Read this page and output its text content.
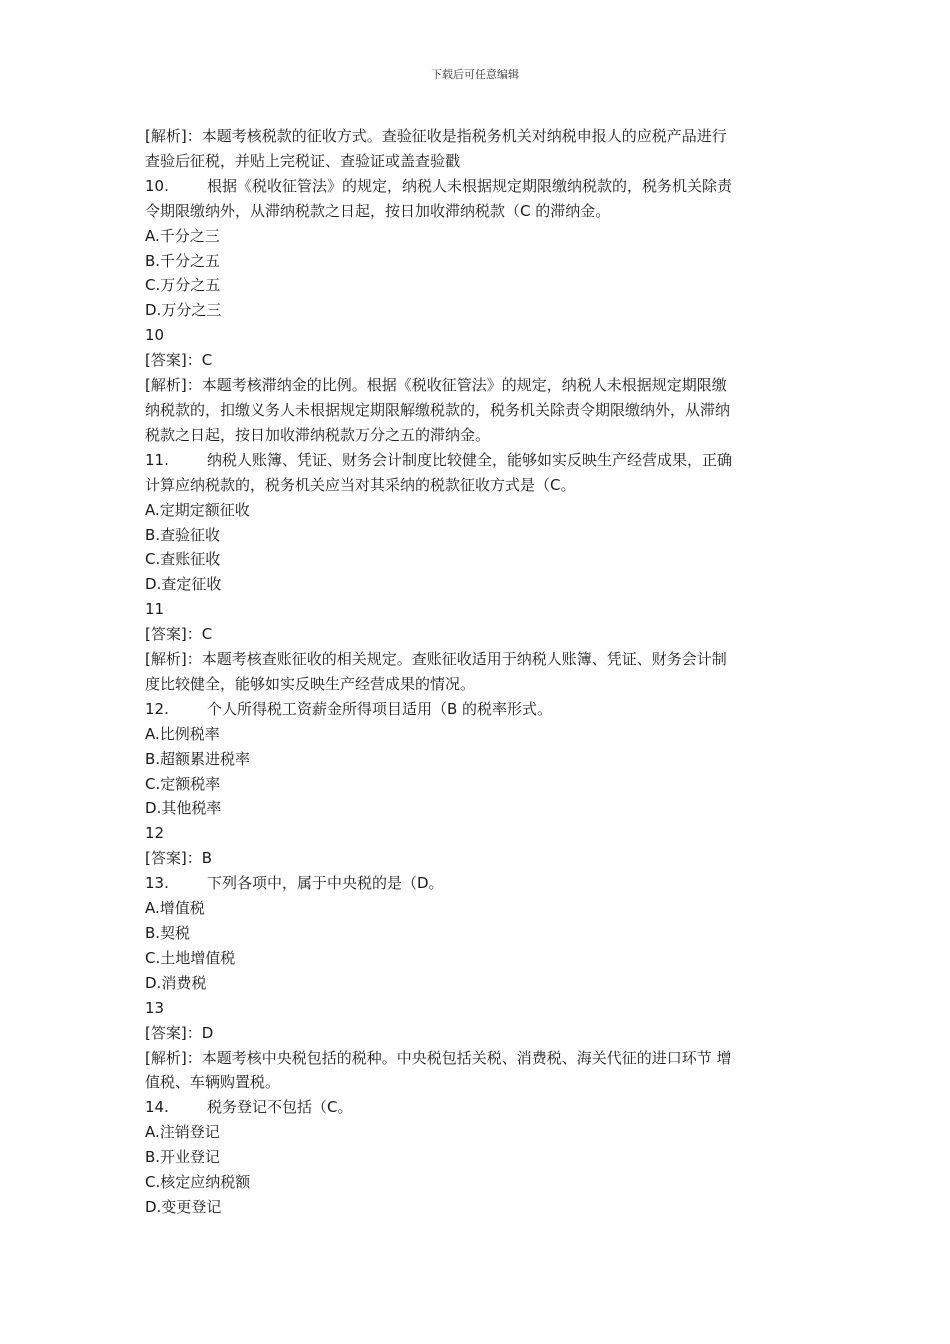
下载后可任意编辑
[解析]：本题考核税款的征收方式。查验征收是指税务机关对纳税申报人的应税产品进行
查验后征税，并贴上完税证、查验证或盖查验戳
10.        根据《税收征管法》的规定，纳税人未根据规定期限缴纳税款的，税务机关除责
令期限缴纳外，从滞纳税款之日起，按日加收滞纳税款（C 的滞纳金。
A.千分之三
B.千分之五
C.万分之五
D.万分之三
10
[答案]：C
[解析]：本题考核滞纳金的比例。根据《税收征管法》的规定，纳税人未根据规定期限缴
纳税款的，扣缴义务人未根据规定期限解缴税款的，税务机关除责令期限缴纳外，从滞纳
税款之日起，按日加收滞纳税款万分之五的滞纳金。
11.        纳税人账簿、凭证、财务会计制度比较健全，能够如实反映生产经营成果，正确
计算应纳税款的，税务机关应当对其采纳的税款征收方式是（C。
A.定期定额征收
B.查验征收
C.查账征收
D.查定征收
11
[答案]：C
[解析]：本题考核查账征收的相关规定。查账征收适用于纳税人账簿、凭证、财务会计制
度比较健全，能够如实反映生产经营成果的情况。
12.        个人所得税工资薪金所得项目适用（B 的税率形式。
A.比例税率
B.超额累进税率
C.定额税率
D.其他税率
12
[答案]：B
13.        下列各项中，属于中央税的是（D。
A.增值税
B.契税
C.土地增值税
D.消费税
13
[答案]：D
[解析]：本题考核中央税包括的税种。中央税包括关税、消费税、海关代征的进口环节 增
值税、车辆购置税。
14.        税务登记不包括（C。
A.注销登记
B.开业登记
C.核定应纳税额
D.变更登记
